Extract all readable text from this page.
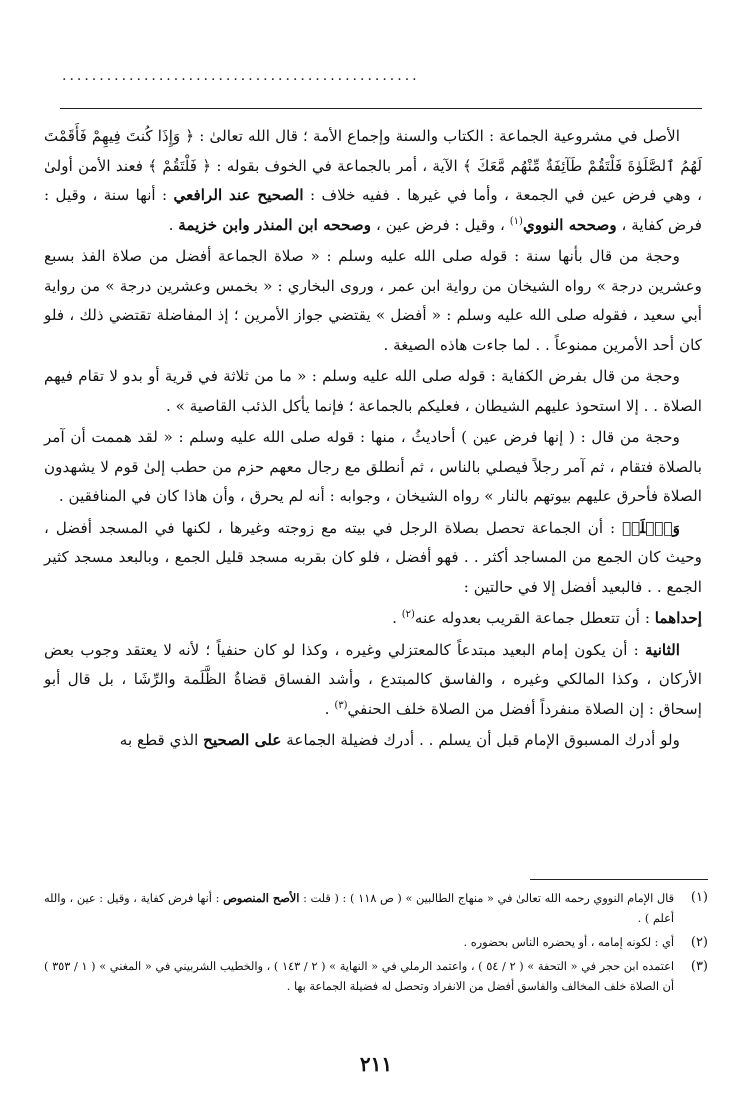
................................................

الأصل في مشروعية الجماعة : الكتاب والسنة وإجماع الأمة ؛ قال الله تعالىٰ : ﴿ وَإِذَا كُنتَ فِيهِمْ فَأَقَمْتَ لَهُمُ ٱلصَّلَوٰةَ فَلْتَقُمْ طَآئِفَةٌ مِّنْهُم مَّعَكَ ﴾ الآية ، أمر بالجماعة في الخوف بقوله : ﴿ فَلْتَقُمْ ﴾ فعند الأمن أولىٰ ، وهي فرض عين في الجمعة ، وأما في غيرها . ففيه خلاف : الصحيح عند الرافعي : أنها سنة ، وقيل : فرض كفاية ، وصححه النووي$^{(١)}$ ، وقيل : فرض عين ، وصححه ابن المنذر وابن خزيمة .

وحجة من قال بأنها سنة : قوله صلى الله عليه وسلم : « صلاة الجماعة أفضل من صلاة الفذ بسبع وعشرين درجة » رواه الشيخان من رواية ابن عمر ، وروى البخاري : « بخمس وعشرين درجة » من رواية أبي سعيد ، فقوله صلى الله عليه وسلم : « أفضل » يقتضي جواز الأمرين ؛ إذ المفاضلة تقتضي ذلك ، فلو كان أحد الأمرين ممنوعاً . . لما جاءت هاذه الصيغة .

وحجة من قال بفرض الكفاية : قوله صلى الله عليه وسلم : « ما من ثلاثة في قرية أو بدو لا تقام فيهم الصلاة . . إلا استحوذ عليهم الشيطان ، فعليكم بالجماعة ؛ فإنما يأكل الذئب القاصية » .

وحجة من قال : ( إنها فرض عين ) أحاديثُ ، منها : قوله صلى الله عليه وسلم : « لقد هممت أن آمر بالصلاة فتقام ، ثم آمر رجلاً فيصلي بالناس ، ثم أنطلق مع رجال معهم حزم من حطب إلىٰ قوم لا يشهدون الصلاة فأحرق عليهم بيوتهم بالنار » رواه الشيخان ، وجوابه : أنه لم يحرق ، وأن هاذا كان في المنافقين .

وَٱعۡلَمۡ : أن الجماعة تحصل بصلاة الرجل في بيته مع زوجته وغيرها ، لكنها في المسجد أفضل ، وحيث كان الجمع من المساجد أكثر . . فهو أفضل ، فلو كان بقربه مسجد قليل الجمع ، وبالبعد مسجد كثير الجمع . . فالبعيد أفضل إلا في حالتين :

إحداهما : أن تتعطل جماعة القريب بعدوله عنه$^{(٢)}$ .

الثانية : أن يكون إمام البعيد مبتدعاً كالمعتزلي وغيره ، وكذا لو كان حنفياً ؛ لأنه لا يعتقد وجوب بعض الأركان ، وكذا المالكي وغيره ، والفاسق كالمبتدع ، وأشد الفساق قضاةُ الظَّلَمة والرِّشَا ، بل قال أبو إسحاق : إن الصلاة منفرداً أفضل من الصلاة خلف الحنفي$^{(٣)}$ .

ولو أدرك المسبوق الإمام قبل أن يسلم . . أدرك فضيلة الجماعة على الصحيح الذي قطع به

(١)
قال الإمام النووي رحمه الله تعالىٰ في « منهاج الطالبين » ( ص ١١٨ ) : ( قلت : الأصح المنصوص : أنها فرض كفاية ، وقيل : عين ، والله أعلم ) .
(٢)
أي : لكونه إمامه ، أو يحضره الناس بحضوره .
(٣)
اعتمده ابن حجر في « التحفة » ( ٢ / ٥٤ ) ، واعتمد الرملي في « النهاية » ( ٢ / ١٤٣ ) ، والخطيب الشربيني في « المغني » ( ١ / ٣٥٣ ) أن الصلاة خلف المخالف والفاسق أفضل من الانفراد وتحصل له فضيلة الجماعة بها .
٢١١
